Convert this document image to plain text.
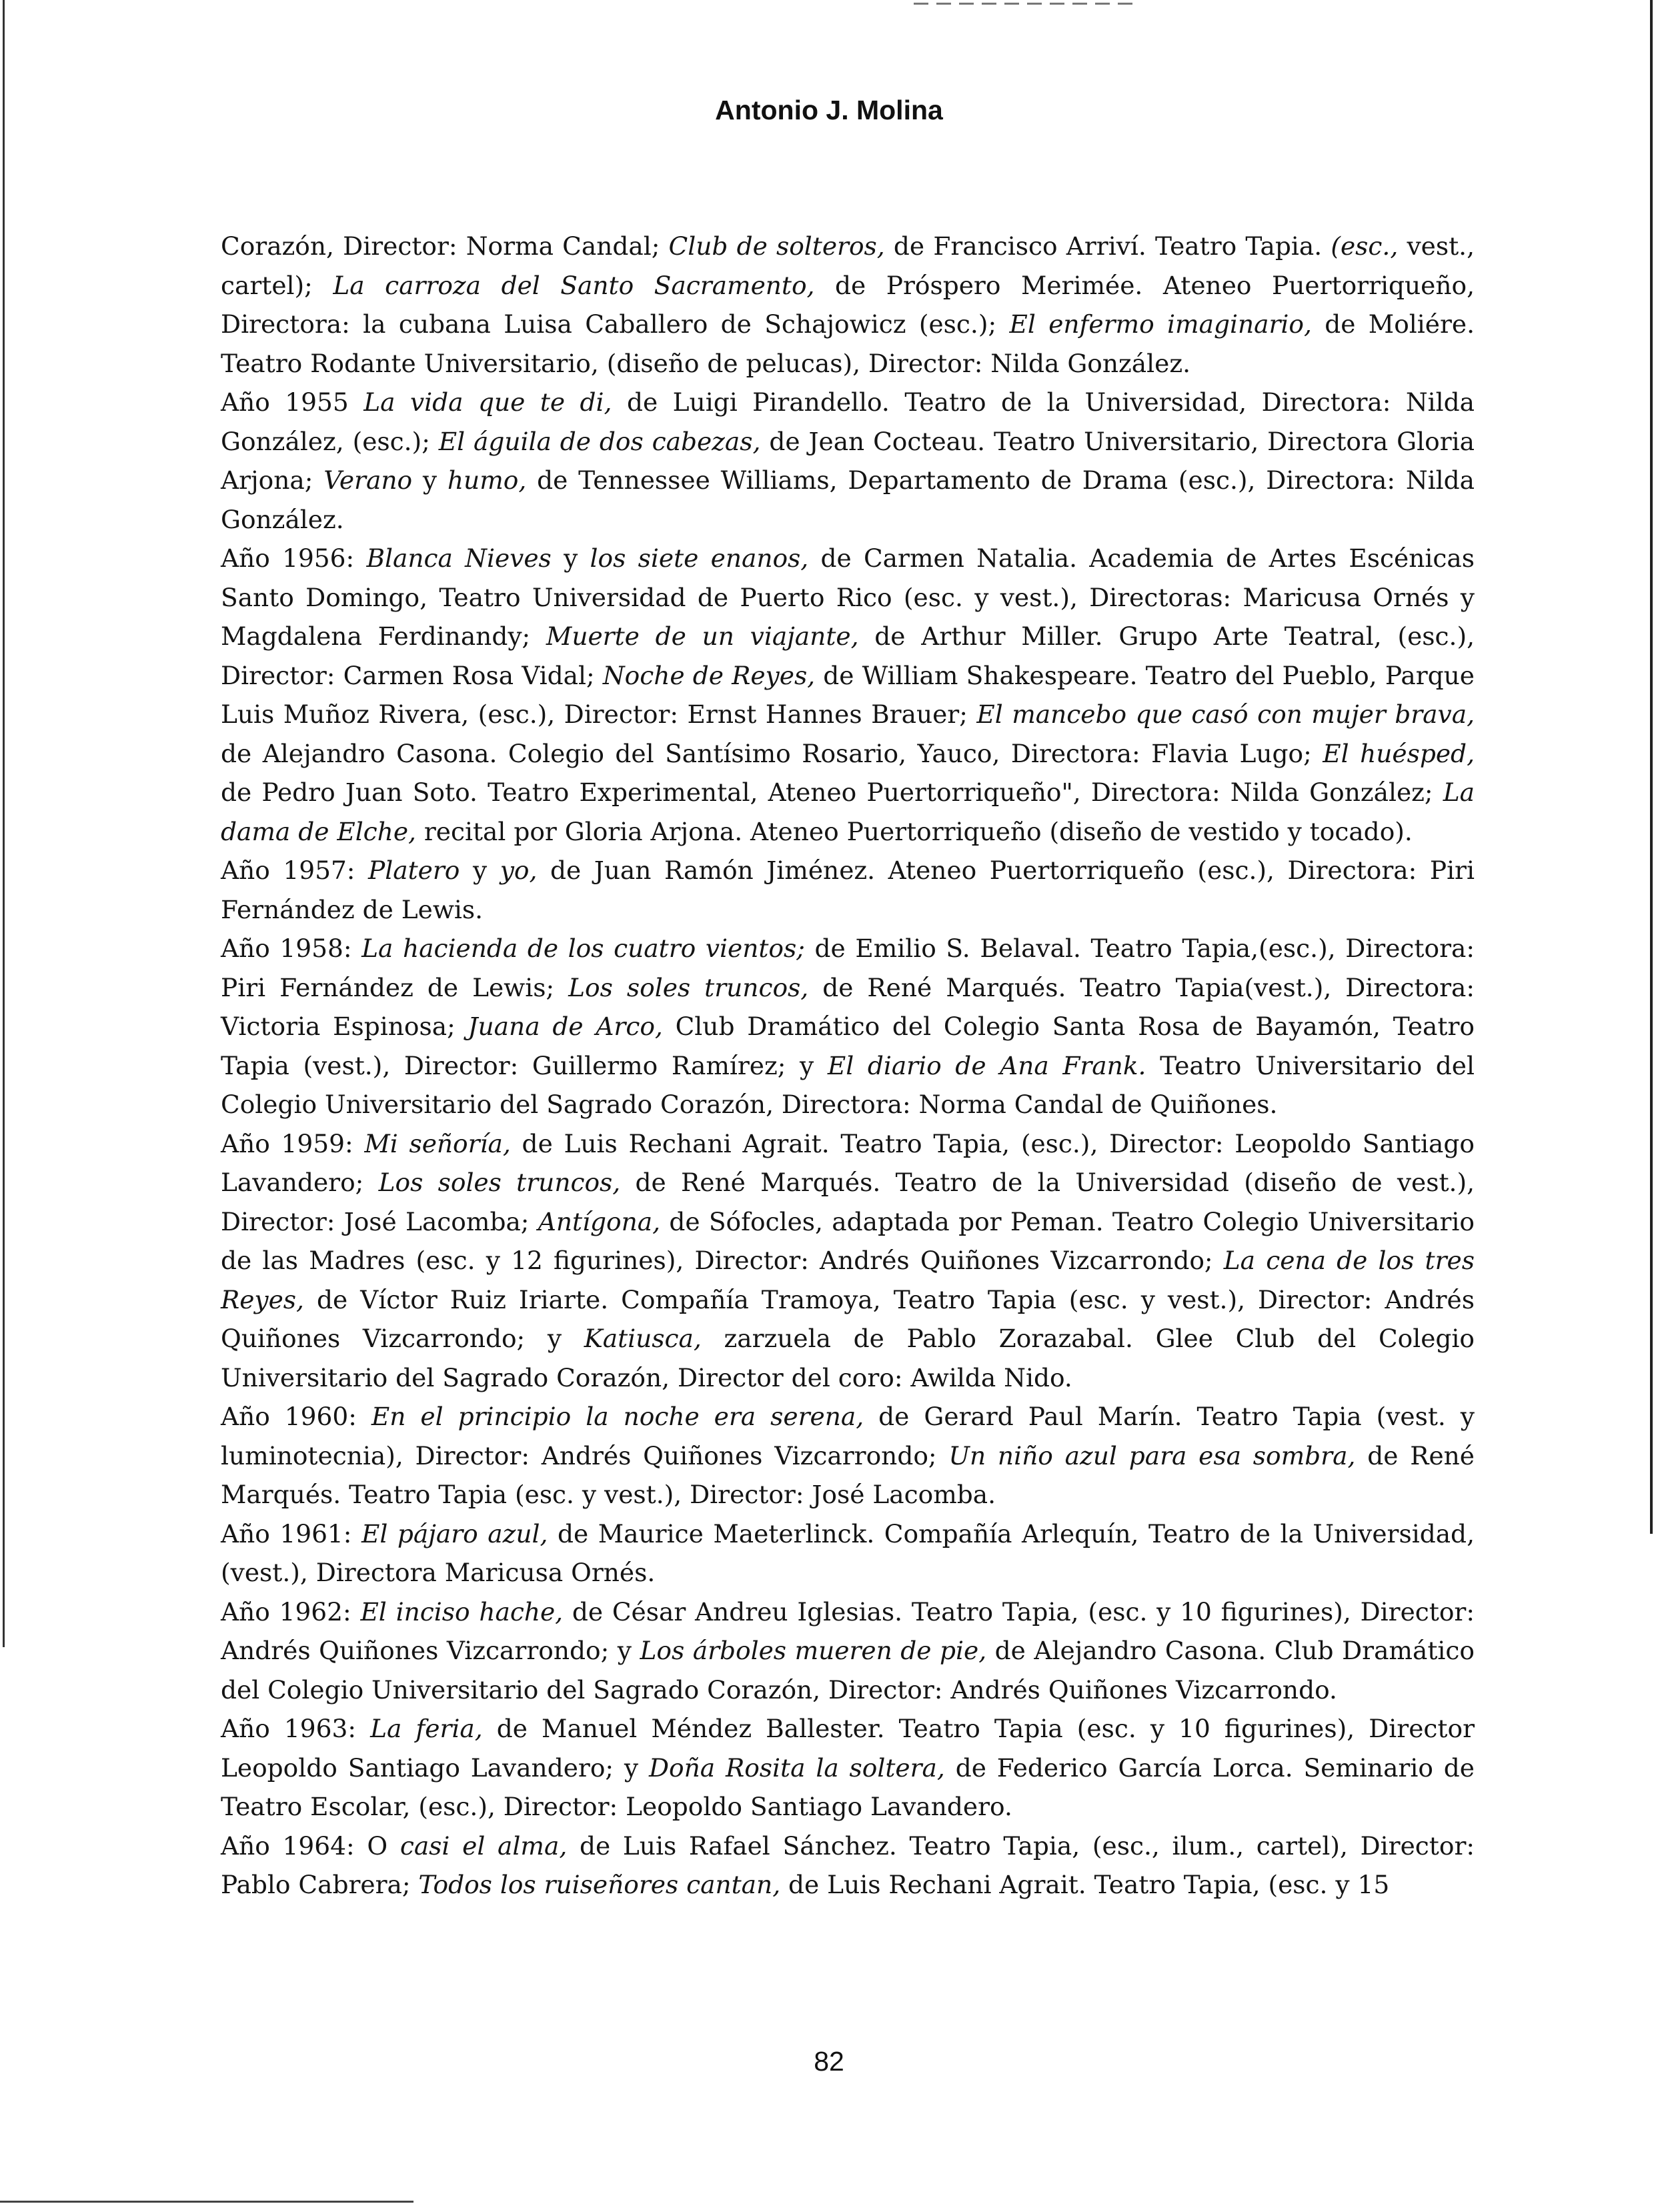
Antonio J. Molina

Corazón, Director: Norma Candal; Club de solteros, de Francisco Arriví. Teatro Tapia. (esc., vest., cartel); La carroza del Santo Sacramento, de Próspero Merimée. Ateneo Puertorriqueño, Directora: la cubana Luisa Caballero de Schajowicz (esc.); El enfermo imaginario, de Moliére. Teatro Rodante Universitario, (diseño de pelucas), Director: Nilda González.

Año 1955 La vida que te di, de Luigi Pirandello. Teatro de la Universidad, Directora: Nilda González, (esc.); El águila de dos cabezas, de Jean Cocteau. Teatro Universitario, Directora Gloria Arjona; Verano y humo, de Tennessee Williams, Departamento de Drama (esc.), Directora: Nilda González.

Año 1956: Blanca Nieves y los siete enanos, de Carmen Natalia. Academia de Artes Escénicas Santo Domingo, Teatro Universidad de Puerto Rico (esc. y vest.), Directoras: Maricusa Ornés y Magdalena Ferdinandy; Muerte de un viajante, de Arthur Miller. Grupo Arte Teatral, (esc.), Director: Carmen Rosa Vidal; Noche de Reyes, de William Shakespeare. Teatro del Pueblo, Parque Luis Muñoz Rivera, (esc.), Director: Ernst Hannes Brauer; El mancebo que casó con mujer brava, de Alejandro Casona. Colegio del Santísimo Rosario, Yauco, Directora: Flavia Lugo; El huésped, de Pedro Juan Soto. Teatro Experimental, Ateneo Puertorriqueño", Directora: Nilda González; La dama de Elche, recital por Gloria Arjona. Ateneo Puertorriqueño (diseño de vestido y tocado).

Año 1957: Platero y yo, de Juan Ramón Jiménez. Ateneo Puertorriqueño (esc.), Directora: Piri Fernández de Lewis.

Año 1958: La hacienda de los cuatro vientos; de Emilio S. Belaval. Teatro Tapia,(esc.), Directora: Piri Fernández de Lewis; Los soles truncos, de René Marqués. Teatro Tapia(vest.), Directora: Victoria Espinosa; Juana de Arco, Club Dramático del Colegio Santa Rosa de Bayamón, Teatro Tapia (vest.), Director: Guillermo Ramírez; y El diario de Ana Frank. Teatro Universitario del Colegio Universitario del Sagrado Corazón, Directora: Norma Candal de Quiñones.

Año 1959: Mi señoría, de Luis Rechani Agrait. Teatro Tapia, (esc.), Director: Leopoldo Santiago Lavandero; Los soles truncos, de René Marqués. Teatro de la Universidad (diseño de vest.), Director: José Lacomba; Antígona, de Sófocles, adaptada por Peman. Teatro Colegio Universitario de las Madres (esc. y 12 figurines), Director: Andrés Quiñones Vizcarrondo; La cena de los tres Reyes, de Víctor Ruiz Iriarte. Compañía Tramoya, Teatro Tapia (esc. y vest.), Director: Andrés Quiñones Vizcarrondo; y Katiusca, zarzuela de Pablo Zorazabal. Glee Club del Colegio Universitario del Sagrado Corazón, Director del coro: Awilda Nido.

Año 1960: En el principio la noche era serena, de Gerard Paul Marín. Teatro Tapia (vest. y luminotecnia), Director: Andrés Quiñones Vizcarrondo; Un niño azul para esa sombra, de René Marqués. Teatro Tapia (esc. y vest.), Director: José Lacomba.

Año 1961: El pájaro azul, de Maurice Maeterlinck. Compañía Arlequín, Teatro de la Universidad, (vest.), Directora Maricusa Ornés.

Año 1962: El inciso hache, de César Andreu Iglesias. Teatro Tapia, (esc. y 10 figurines), Director: Andrés Quiñones Vizcarrondo; y Los árboles mueren de pie, de Alejandro Casona. Club Dramático del Colegio Universitario del Sagrado Corazón, Director: Andrés Quiñones Vizcarrondo.

Año 1963: La feria, de Manuel Méndez Ballester. Teatro Tapia (esc. y 10 figurines), Director Leopoldo Santiago Lavandero; y Doña Rosita la soltera, de Federico García Lorca. Seminario de Teatro Escolar, (esc.), Director: Leopoldo Santiago Lavandero.

Año 1964: O casi el alma, de Luis Rafael Sánchez. Teatro Tapia, (esc., ilum., cartel), Director: Pablo Cabrera; Todos los ruiseñores cantan, de Luis Rechani Agrait. Teatro Tapia, (esc. y 15

82
